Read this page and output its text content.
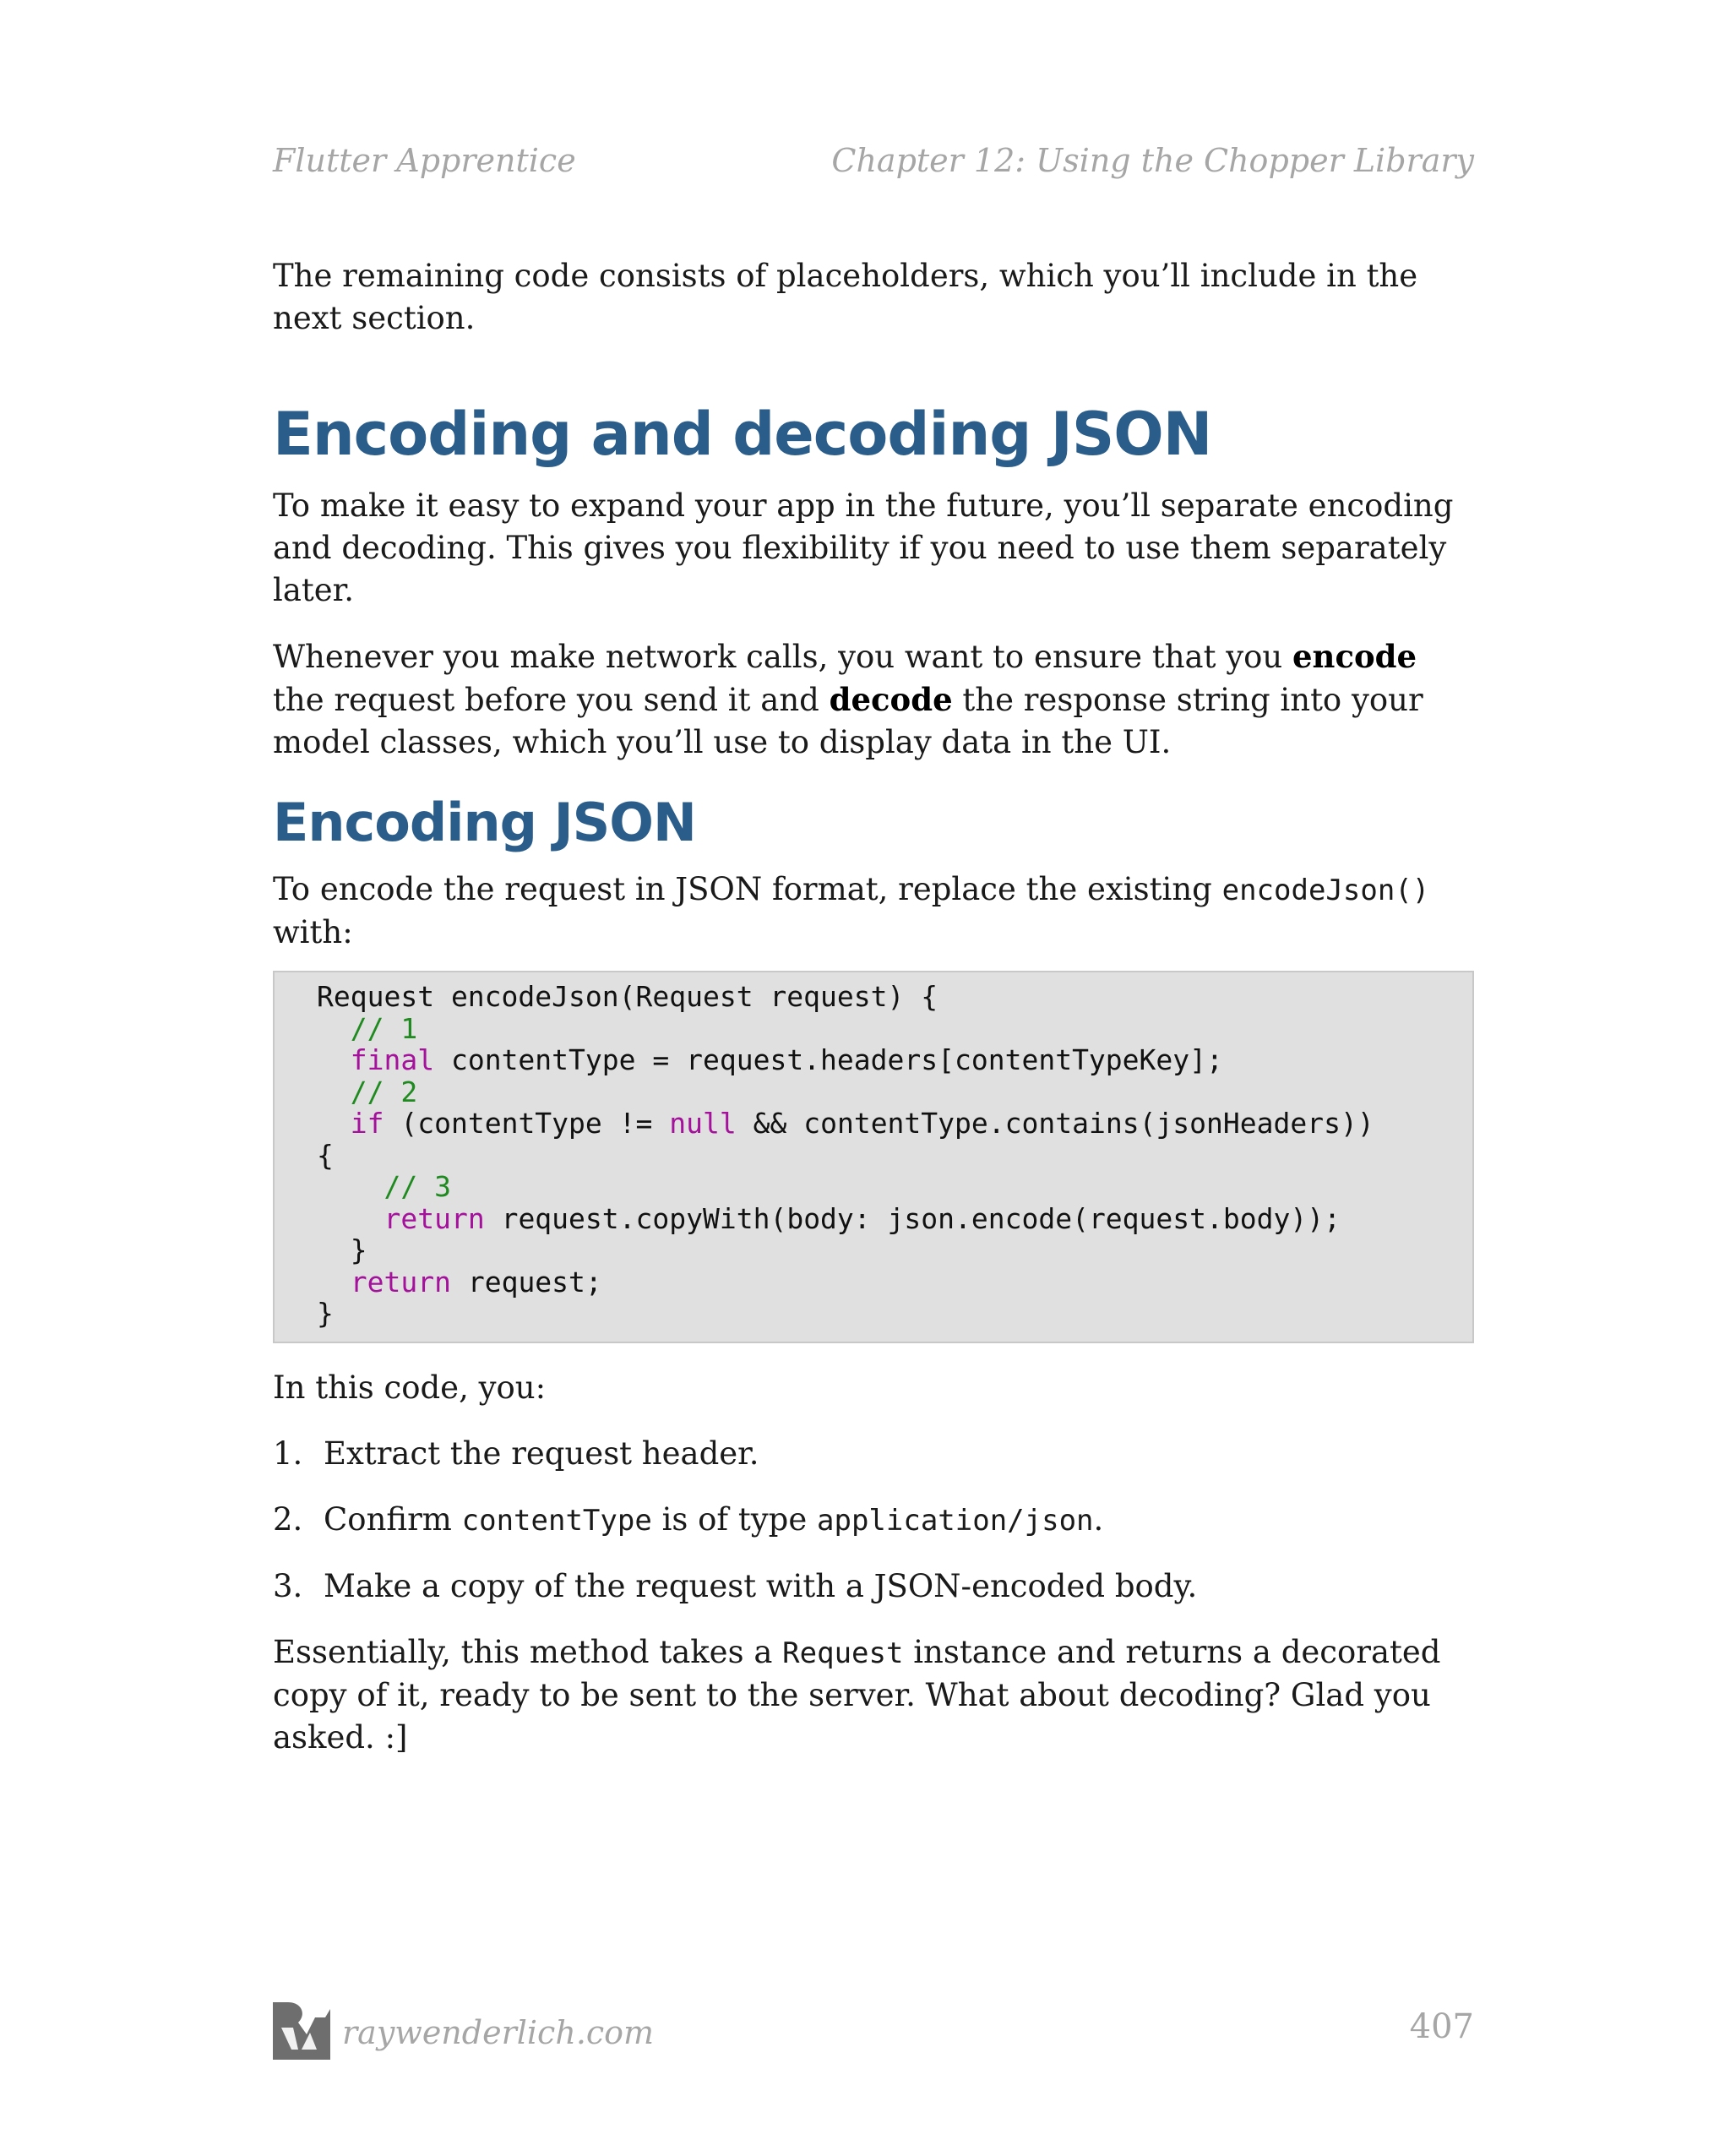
Flutter Apprentice	Chapter 12: Using the Chopper Library

The remaining code consists of placeholders, which you’ll include in the next section.

Encoding and decoding JSON

To make it easy to expand your app in the future, you’ll separate encoding and decoding. This gives you flexibility if you need to use them separately later.

Whenever you make network calls, you want to ensure that you encode the request before you send it and decode the response string into your model classes, which you’ll use to display data in the UI.

Encoding JSON

To encode the request in JSON format, replace the existing encodeJson() with:

Request encodeJson(Request request) {
// 1
final contentType = request.headers[contentTypeKey];
// 2
if (contentType != null && contentType.contains(jsonHeaders))
{
// 3
return request.copyWith(body: json.encode(request.body));
}
return request;
}

In this code, you:

1. Extract the request header.
2. Confirm contentType is of type application/json.
3. Make a copy of the request with a JSON-encoded body.

Essentially, this method takes a Request instance and returns a decorated copy of it, ready to be sent to the server. What about decoding? Glad you asked. :]

raywenderlich.com	407
